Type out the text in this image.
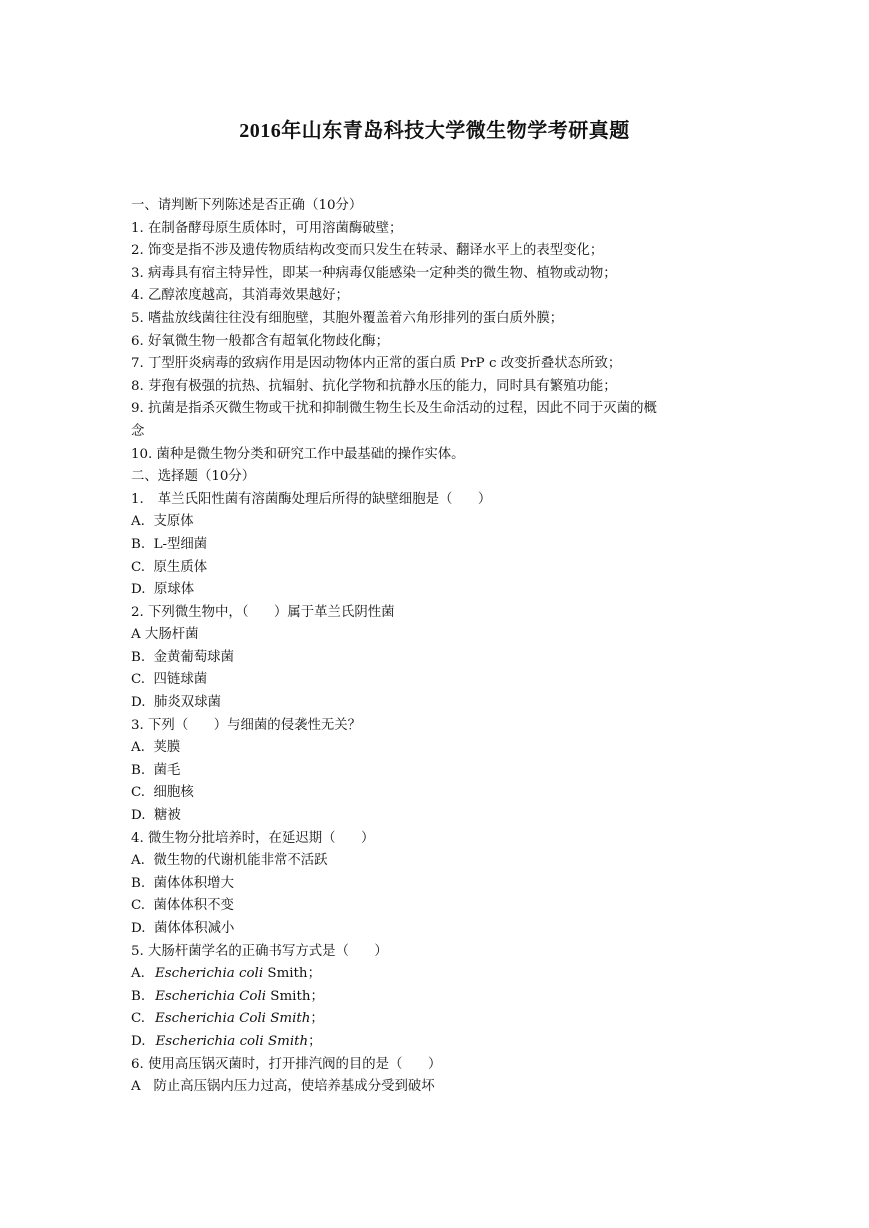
2016年山东青岛科技大学微生物学考研真题
一、请判断下列陈述是否正确（10分）
1. 在制备酵母原生质体时，可用溶菌酶破壁；
2. 饰变是指不涉及遗传物质结构改变而只发生在转录、翻译水平上的表型变化；
3. 病毒具有宿主特异性，即某一种病毒仅能感染一定种类的微生物、植物或动物；
4. 乙醇浓度越高，其消毒效果越好；
5. 嗜盐放线菌往往没有细胞壁，其胞外覆盖着六角形排列的蛋白质外膜；
6. 好氧微生物一般都含有超氧化物歧化酶；
7. 丁型肝炎病毒的致病作用是因动物体内正常的蛋白质 PrP c 改变折叠状态所致；
8. 芽孢有极强的抗热、抗辐射、抗化学物和抗静水压的能力，同时具有繁殖功能；
9. 抗菌是指杀灭微生物或干扰和抑制微生物生长及生命活动的过程，因此不同于灭菌的概
念
10. 菌种是微生物分类和研究工作中最基础的操作实体。
二、选择题（10分）
1. 革兰氏阳性菌有溶菌酶处理后所得的缺壁细胞是（      ）
A.  支原体
B.  L-型细菌
C.  原生质体
D.  原球体
2. 下列微生物中，（      ）属于革兰氏阴性菌
A 大肠杆菌
B.  金黄葡萄球菌
C.  四链球菌
D.  肺炎双球菌
3. 下列（      ）与细菌的侵袭性无关？
A.  荚膜
B.  菌毛
C.  细胞核
D.  糖被
4. 微生物分批培养时，在延迟期（      ）
A.  微生物的代谢机能非常不活跃
B.  菌体体积增大
C.  菌体体积不变
D.  菌体体积减小
5. 大肠杆菌学名的正确书写方式是（      ）
A. Escherichia coli Smith；
B. Escherichia Coli Smith；
C. Escherichia Coli Smith；
D. Escherichia coli Smith；
6. 使用高压锅灭菌时，打开排汽阀的目的是（      ）
A   防止高压锅内压力过高，使培养基成分受到破坏
